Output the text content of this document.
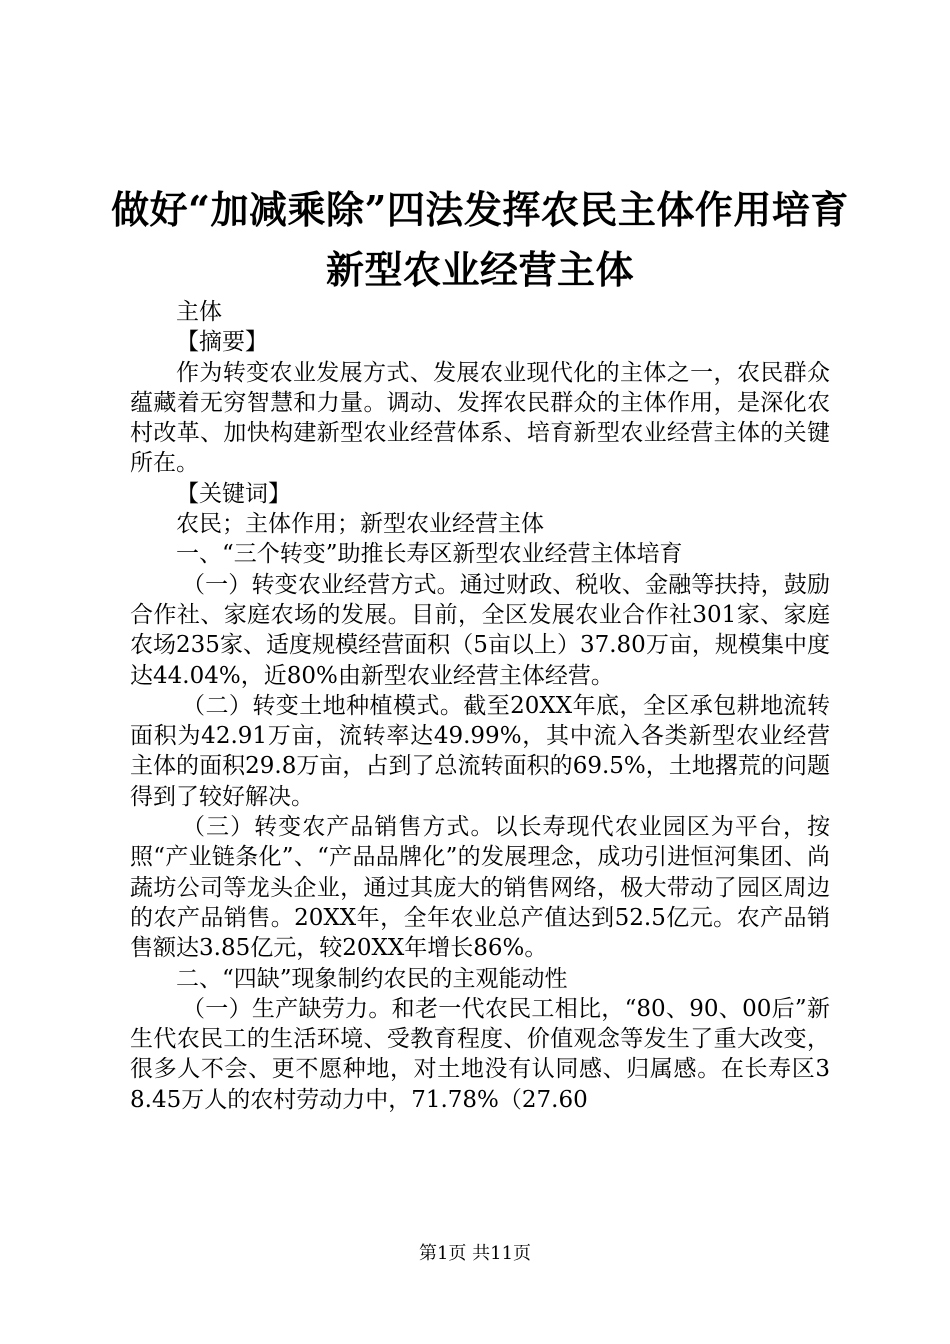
做好“加减乘除”四法发挥农民主体作用培育
新型农业经营主体

主体

【摘要】

作为转变农业发展方式、发展农业现代化的主体之一，农民群众蕴藏着无穷智慧和力量。调动、发挥农民群众的主体作用，是深化农村改革、加快构建新型农业经营体系、培育新型农业经营主体的关键所在。

【关键词】

农民；主体作用；新型农业经营主体

一、“三个转变”助推长寿区新型农业经营主体培育

（一）转变农业经营方式。通过财政、税收、金融等扶持，鼓励合作社、家庭农场的发展。目前，全区发展农业合作社301家、家庭农场235家、适度规模经营面积（5亩以上）37.80万亩，规模集中度达44.04%，近80%由新型农业经营主体经营。

（二）转变土地种植模式。截至20XX年底，全区承包耕地流转面积为42.91万亩，流转率达49.99%，其中流入各类新型农业经营主体的面积29.8万亩，占到了总流转面积的69.5%，土地撂荒的问题得到了较好解决。

（三）转变农产品销售方式。以长寿现代农业园区为平台，按照“产业链条化”、“产品品牌化”的发展理念，成功引进恒河集团、尚蔬坊公司等龙头企业，通过其庞大的销售网络，极大带动了园区周边的农产品销售。20XX年，全年农业总产值达到52.5亿元。农产品销售额达3.85亿元，较20XX年增长86%。

二、“四缺”现象制约农民的主观能动性

（一）生产缺劳力。和老一代农民工相比，“80、90、00后”新生代农民工的生活环境、受教育程度、价值观念等发生了重大改变，很多人不会、更不愿种地，对土地没有认同感、归属感。在长寿区38.45万人的农村劳动力中，71.78%（27.60

第1页 共11页
